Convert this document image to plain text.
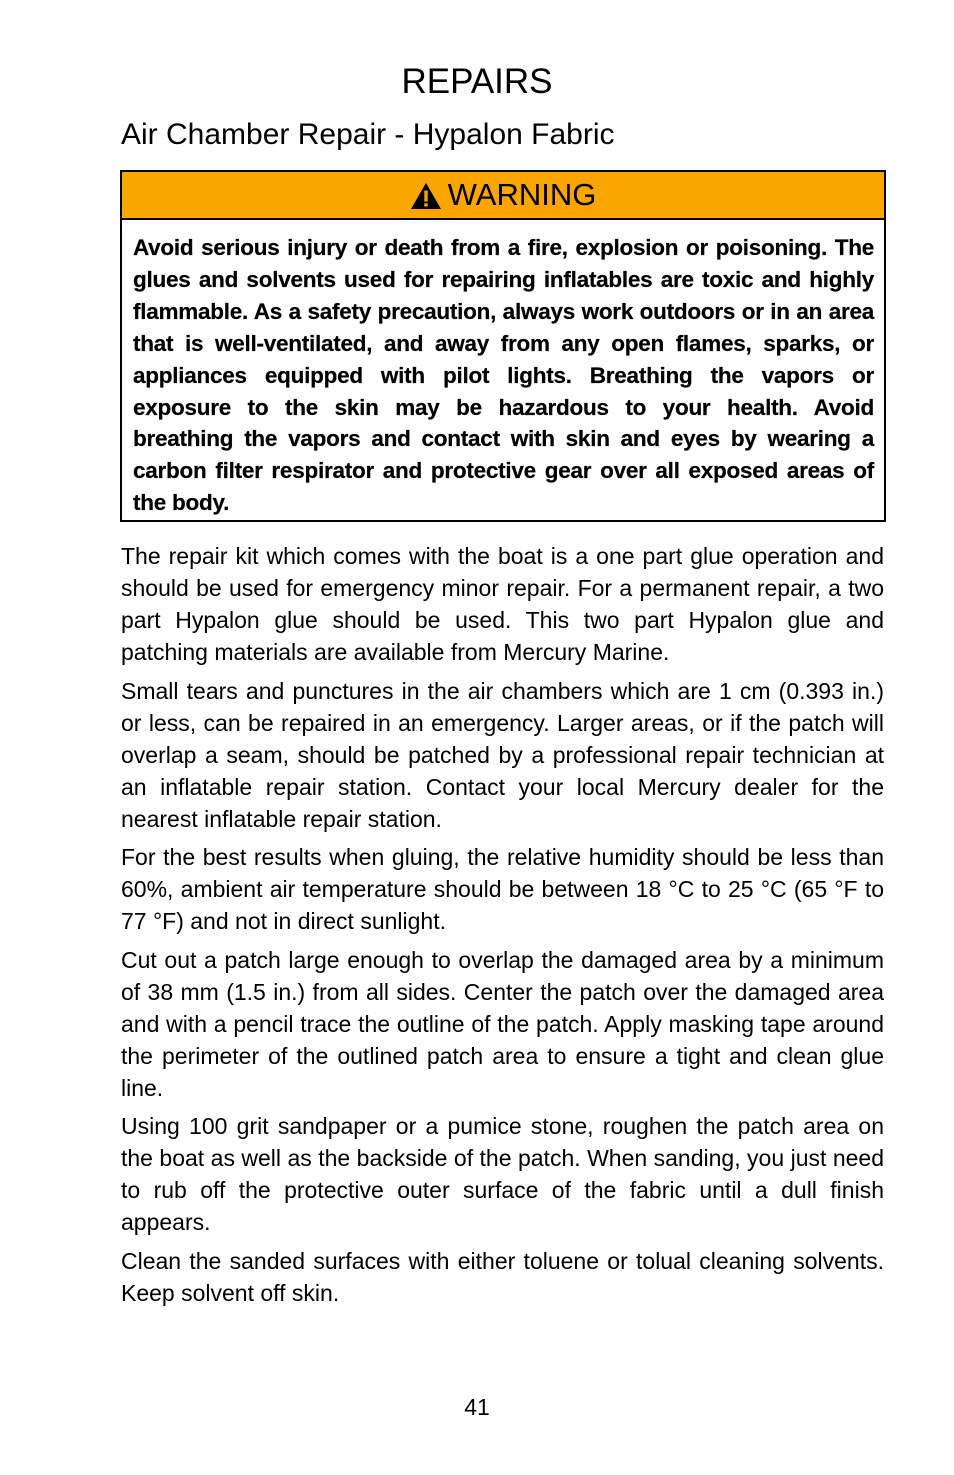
REPAIRS
Air Chamber Repair - Hypalon Fabric
WARNING
Avoid serious injury or death from a fire, explosion or poisoning. The glues and solvents used for repairing inflatables are toxic and highly flammable. As a safety precaution, always work outdoors or in an area that is well-ventilated, and away from any open flames, sparks, or appliances equipped with pilot lights. Breathing the vapors or exposure to the skin may be hazardous to your health. Avoid breathing the vapors and contact with skin and eyes by wearing a carbon filter respirator and protective gear over all exposed areas of the body.

The repair kit which comes with the boat is a one part glue operation and should be used for emergency minor repair. For a permanent repair, a two part Hypalon glue should be used. This two part Hypalon glue and patching materials are available from Mercury Marine.

Small tears and punctures in the air chambers which are 1 cm (0.393 in.) or less, can be repaired in an emergency. Larger areas, or if the patch will overlap a seam, should be patched by a professional repair technician at an inflatable repair station. Contact your local Mercury dealer for the nearest inflatable repair station.

For the best results when gluing, the relative humidity should be less than 60%, ambient air temperature should be between 18 °C to 25 °C (65 °F to 77 °F) and not in direct sunlight.

Cut out a patch large enough to overlap the damaged area by a minimum of 38 mm (1.5 in.) from all sides. Center the patch over the damaged area and with a pencil trace the outline of the patch. Apply masking tape around the perimeter of the outlined patch area to ensure a tight and clean glue line.

Using 100 grit sandpaper or a pumice stone, roughen the patch area on the boat as well as the backside of the patch. When sanding, you just need to rub off the protective outer surface of the fabric until a dull finish appears.

Clean the sanded surfaces with either toluene or tolual cleaning solvents. Keep solvent off skin.

41
